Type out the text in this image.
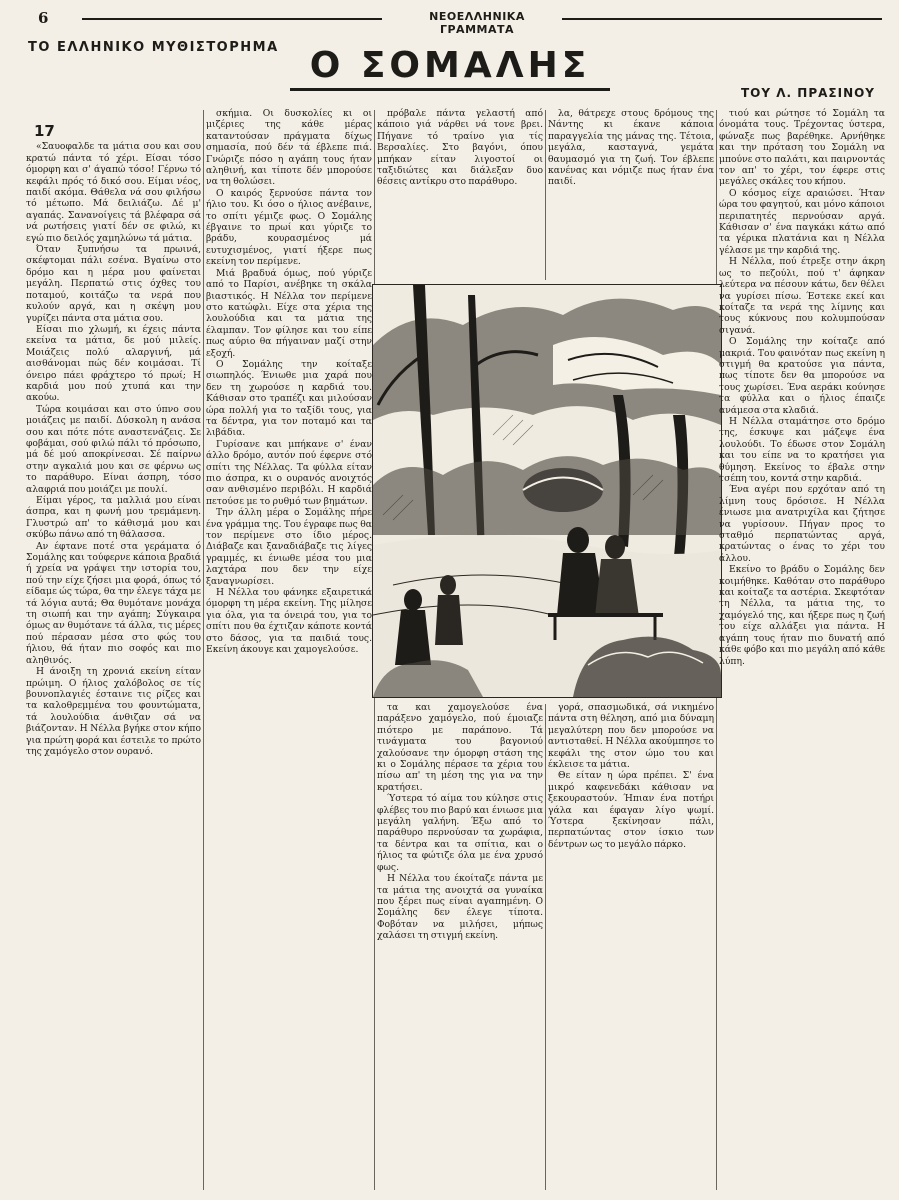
6	ΝΕΟΕΛΛΗΝΙΚΑ ΓΡΑΜΜΑΤΑ
ΤΟ ΕΛΛΗΝΙΚΟ ΜΥΘΙΣΤΟΡΗΜΑ Ο ΣΟΜΑΛΗΣ
ΤΟΥ Λ. ΠΡΑΣΙΝΟΥ
17

«Σαυοφαλδε τα μάτια σου και σου κρατώ πάντα τό χέρι. Είσαι τόσο όμορφη και σ' άγαπώ τόσο! Γέρνω τό κεφάλι πρός τό δικό σου. Είμαι νέος, παιδί ακόμα. Θάθελα νά σου φιλήσω τό μέτωπο. Μά δειλιάζω. Δέ μ' αγαπάς. Σανανοίγεις τά βλέφαρα σά νά ρωτήσεις γιατί δέν σε φιλώ, κι εγώ πιο δειλός χαμηλώνω τά μάτια.

Όταν ξυπνήσω τα πρωινά, σκέφτομαι πάλι εσένα. Βγαίνω στο δρόμο και η μέρα μου φαίνεται μεγάλη. Περπατώ στις όχθες του ποταμού, κοιτάζω τα νερά που κυλούν αργά, και η σκέψη μου γυρίζει πάντα στα μάτια σου.

Είσαι πιο χλωμή, κι έχεις πάντα εκείνα τα μάτια, δε μού μιλείς. Μοιάζεις πολύ αλαργινή, μά αισθάνομαι πώς δέν κοιμάσαι. Τί όνειρο πάει φράχτερο τό πρωί; Η καρδιά μου πού χτυπά και την ακούω.

Τώρα κοιμάσαι και στο ύπνο σου μοιάζεις με παιδί. Δύσκολη η ανάσα σου και πότε πότε αναστενάζεις. Σε φοβάμαι, σού φιλώ πάλι τό πρόσωπο, μά δέ μού αποκρίνεσαι. Σέ παίρνω στην αγκαλιά μου και σε φέρνω ως το παράθυρο. Είναι άσπρη, τόσο αλαφριά που μοιάζει με πουλί.

Είμαι γέρος, τα μαλλιά μου είναι άσπρα, και η φωνή μου τρεμάμενη. Γλυστρώ απ' το κάθισμά μου και σκύβω πάνω από τη θάλασσα.

Αν έφτανε ποτέ στα γεράματα ό Σομάλης και τούφερνε κάποια βραδιά ή χρεία να γράψει την ιστορία του, πού την είχε ζήσει μια φορά, όπως τό είδαμε ώς τώρα, θα την έλεγε τάχα με τά λόγια αυτά; Θα θυμότανε μονάχα τη σιωπή και την αγάπη; Σύγκαιρα όμως αν θυμότανε τά άλλα, τις μέρες πού πέρασαν μέσα στο φώς του ήλιου, θά ήταν πιο σοφός και πιο αληθινός.

Η άνοιξη τη χρονιά εκείνη είταν πρώιμη. Ο ήλιος χαλόβολος σε τίς βουνοπλαγιές έσταινε τις ρίζες και τα καλοθρεμμένα του φουντώματα, τά λουλούδια άνθιζαν σά να βιάζονταν. Η Νέλλα βγήκε στον κήπο για πρώτη φορά και έστειλε το πρώτο της χαμόγελο στον ουρανό.

σκήμια. Οι δυσκολίες κι οι μιζέριες της κάθε μέρας καταντούσαν πράγματα δίχως σημασία, πού δέν τά έβλεπε πιά. Γνώριζε πόσο η αγάπη τους ήταν αληθινή, και τίποτε δέν μπορούσε να τη θολώσει.

Ο καιρός ξερνούσε πάντα τον ήλιο του. Κι όσο ο ήλιος ανέβαινε, το σπίτι γέμιζε φως. Ο Σομάλης έβγαινε το πρωί και γύριζε το βράδυ, κουρασμένος μά ευτυχισμένος, γιατί ήξερε πως εκείνη τον περίμενε.

Μιά βραδυά όμως, πού γύριζε από το Παρίσι, ανέβηκε τη σκάλα βιαστικός. Η Νέλλα τον περίμενε στο κατώφλι. Είχε στα χέρια της λουλούδια και τα μάτια της έλαμπαν. Τον φίλησε και του είπε πως αύριο θα πήγαιναν μαζί στην εξοχή.

Ο Σομάλης την κοίταξε σιωπηλός. Ένιωθε μια χαρά που δεν τη χωρούσε η καρδιά του. Κάθισαν στο τραπέζι και μιλούσαν ώρα πολλή για το ταξίδι τους, για τα δέντρα, για τον ποταμό και τα λιβάδια.

Γυρίσανε και μπήκανε σ' έναν άλλο δρόμο, αυτόν πού έφερνε στό σπίτι της Νέλλας. Τα φύλλα είταν πιο άσπρα, κι ο ουρανός ανοιχτός σαν ανθισμένο περιβόλι. Η καρδιά πετούσε με το ρυθμό των βημάτων.

Την άλλη μέρα ο Σομάλης πήρε ένα γράμμα της. Του έγραφε πως θα τον περίμενε στο ίδιο μέρος. Διάβαζε και ξαναδιάβαζε τις λίγες γραμμές, κι ένιωθε μέσα του μια λαχτάρα που δεν την είχε ξαναγνωρίσει.

Η Νέλλα του φάνηκε εξαιρετικά όμορφη τη μέρα εκείνη. Της μίλησε για όλα, για τα όνειρά του, για το σπίτι που θα έχτιζαν κάποτε κοντά στο δάσος, για τα παιδιά τους. Εκείνη άκουγε και χαμογελούσε.

πρόβαλε πάντα γελαστή από κάποιο γιά νάρθει νά τονε βρει. Πήγανε τό τραίνο για τίς Βερσαλίες. Στο βαγόνι, όπου μπήκαν είταν λιγοστοί οι ταξιδιώτες και διάλεξαν δυο θέσεις αντίκρυ στο παράθυρο.

λα, θάτρεχε στους δρόμους της Νάντης κι έκανε κάποια παραγγελία της μάνας της. Τέτοια, μεγάλα, κασταγνά, γεμάτα θαυμασμό για τη ζωή. Τον έβλεπε κανένας και νόμιζε πως ήταν ένα παιδί.

τα και χαμογελούσε ένα παράξενο χαμόγελο, πού έμοιαζε πιότερο με παράπονο. Τά τινάγματα του βαγονιού χαλούσανε την όμορφη στάση της κι ο Σομάλης πέρασε τα χέρια του πίσω απ' τη μέση της για να την κρατήσει.

Ύστερα τό αίμα του κύλησε στις φλέβες του πιο βαρύ και ένιωσε μια μεγάλη γαλήνη. Έξω από το παράθυρο περνούσαν τα χωράφια, τα δέντρα και τα σπίτια, και ο ήλιος τα φώτιζε όλα με ένα χρυσό φως.

Η Νέλλα του έκοίταζε πάντα με τα μάτια της ανοιχτά σα γυναίκα που ξέρει πως είναι αγαπημένη. Ο Σομάλης δεν έλεγε τίποτα. Φοβόταν να μιλήσει, μήπως χαλάσει τη στιγμή εκείνη.

γορά, σπασμωδικά, σά νικημένο πάντα στη θέληση, από μια δύναμη μεγαλύτερη που δεν μπορούσε να αντισταθεί. Η Νέλλα ακούμπησε το κεφάλι της στον ώμο του και έκλεισε τα μάτια.

Θε είταν η ώρα πρέπει. Σ' ένα μικρό καφενεδάκι κάθισαν να ξεκουραστούν. Ήπιαν ένα ποτήρι γάλα και έφαγαν λίγο ψωμί. Ύστερα ξεκίνησαν πάλι, περπατώντας στον ίσκιο των δέντρων ως το μεγάλο πάρκο.

τιού και ρώτησε τό Σομάλη τα όνομάτα τους. Τρέχοντας ύστερα, φώναξε πως βαρέθηκε. Αρνήθηκε και την πρόταση του Σομάλη να μπούνε στο παλάτι, και παιρνοντάς τον απ' το χέρι, τον έφερε στις μεγάλες σκάλες του κήπου.

Ο κόσμος είχε αραιώσει. Ήταν ώρα του φαγητού, και μόνο κάποιοι περιπατητές περνούσαν αργά. Κάθισαν σ' ένα παγκάκι κάτω από τα γέρικα πλατάνια και η Νέλλα γέλασε με την καρδιά της.

Η Νέλλα, πού έτρεξε στην άκρη ως το πεζούλι, πού τ' άφηκαν λεύτερα να πέσουν κάτω, δεν θέλει να γυρίσει πίσω. Έστεκε εκεί και κοίταζε τα νερά της λίμνης και τους κύκνους που κολυμπούσαν σιγανά.

Ο Σομάλης την κοίταζε από μακριά. Του φαινόταν πως εκείνη η στιγμή θα κρατούσε για πάντα, πως τίποτε δεν θα μπορούσε να τους χωρίσει. Ένα αεράκι κούνησε τα φύλλα και ο ήλιος έπαιζε ανάμεσα στα κλαδιά.

Η Νέλλα σταμάτησε στο δρόμο της, έσκυψε και μάζεψε ένα λουλούδι. Το έδωσε στον Σομάλη και του είπε να το κρατήσει για θύμηση. Εκείνος το έβαλε στην τσέπη του, κοντά στην καρδιά.

Ένα αγέρι που ερχόταν από τη λίμνη τους δρόσισε. Η Νέλλα ένιωσε μια ανατριχίλα και ζήτησε να γυρίσουν. Πήγαν προς το σταθμό περπατώντας αργά, κρατώντας ο ένας το χέρι του άλλου.

Εκείνο το βράδυ ο Σομάλης δεν κοιμήθηκε. Καθόταν στο παράθυρο και κοίταζε τα αστέρια. Σκεφτόταν τη Νέλλα, τα μάτια της, το χαμόγελό της, και ήξερε πως η ζωή του είχε αλλάξει για πάντα. Η αγάπη τους ήταν πιο δυνατή από κάθε φόβο και πιο μεγάλη από κάθε λύπη.
